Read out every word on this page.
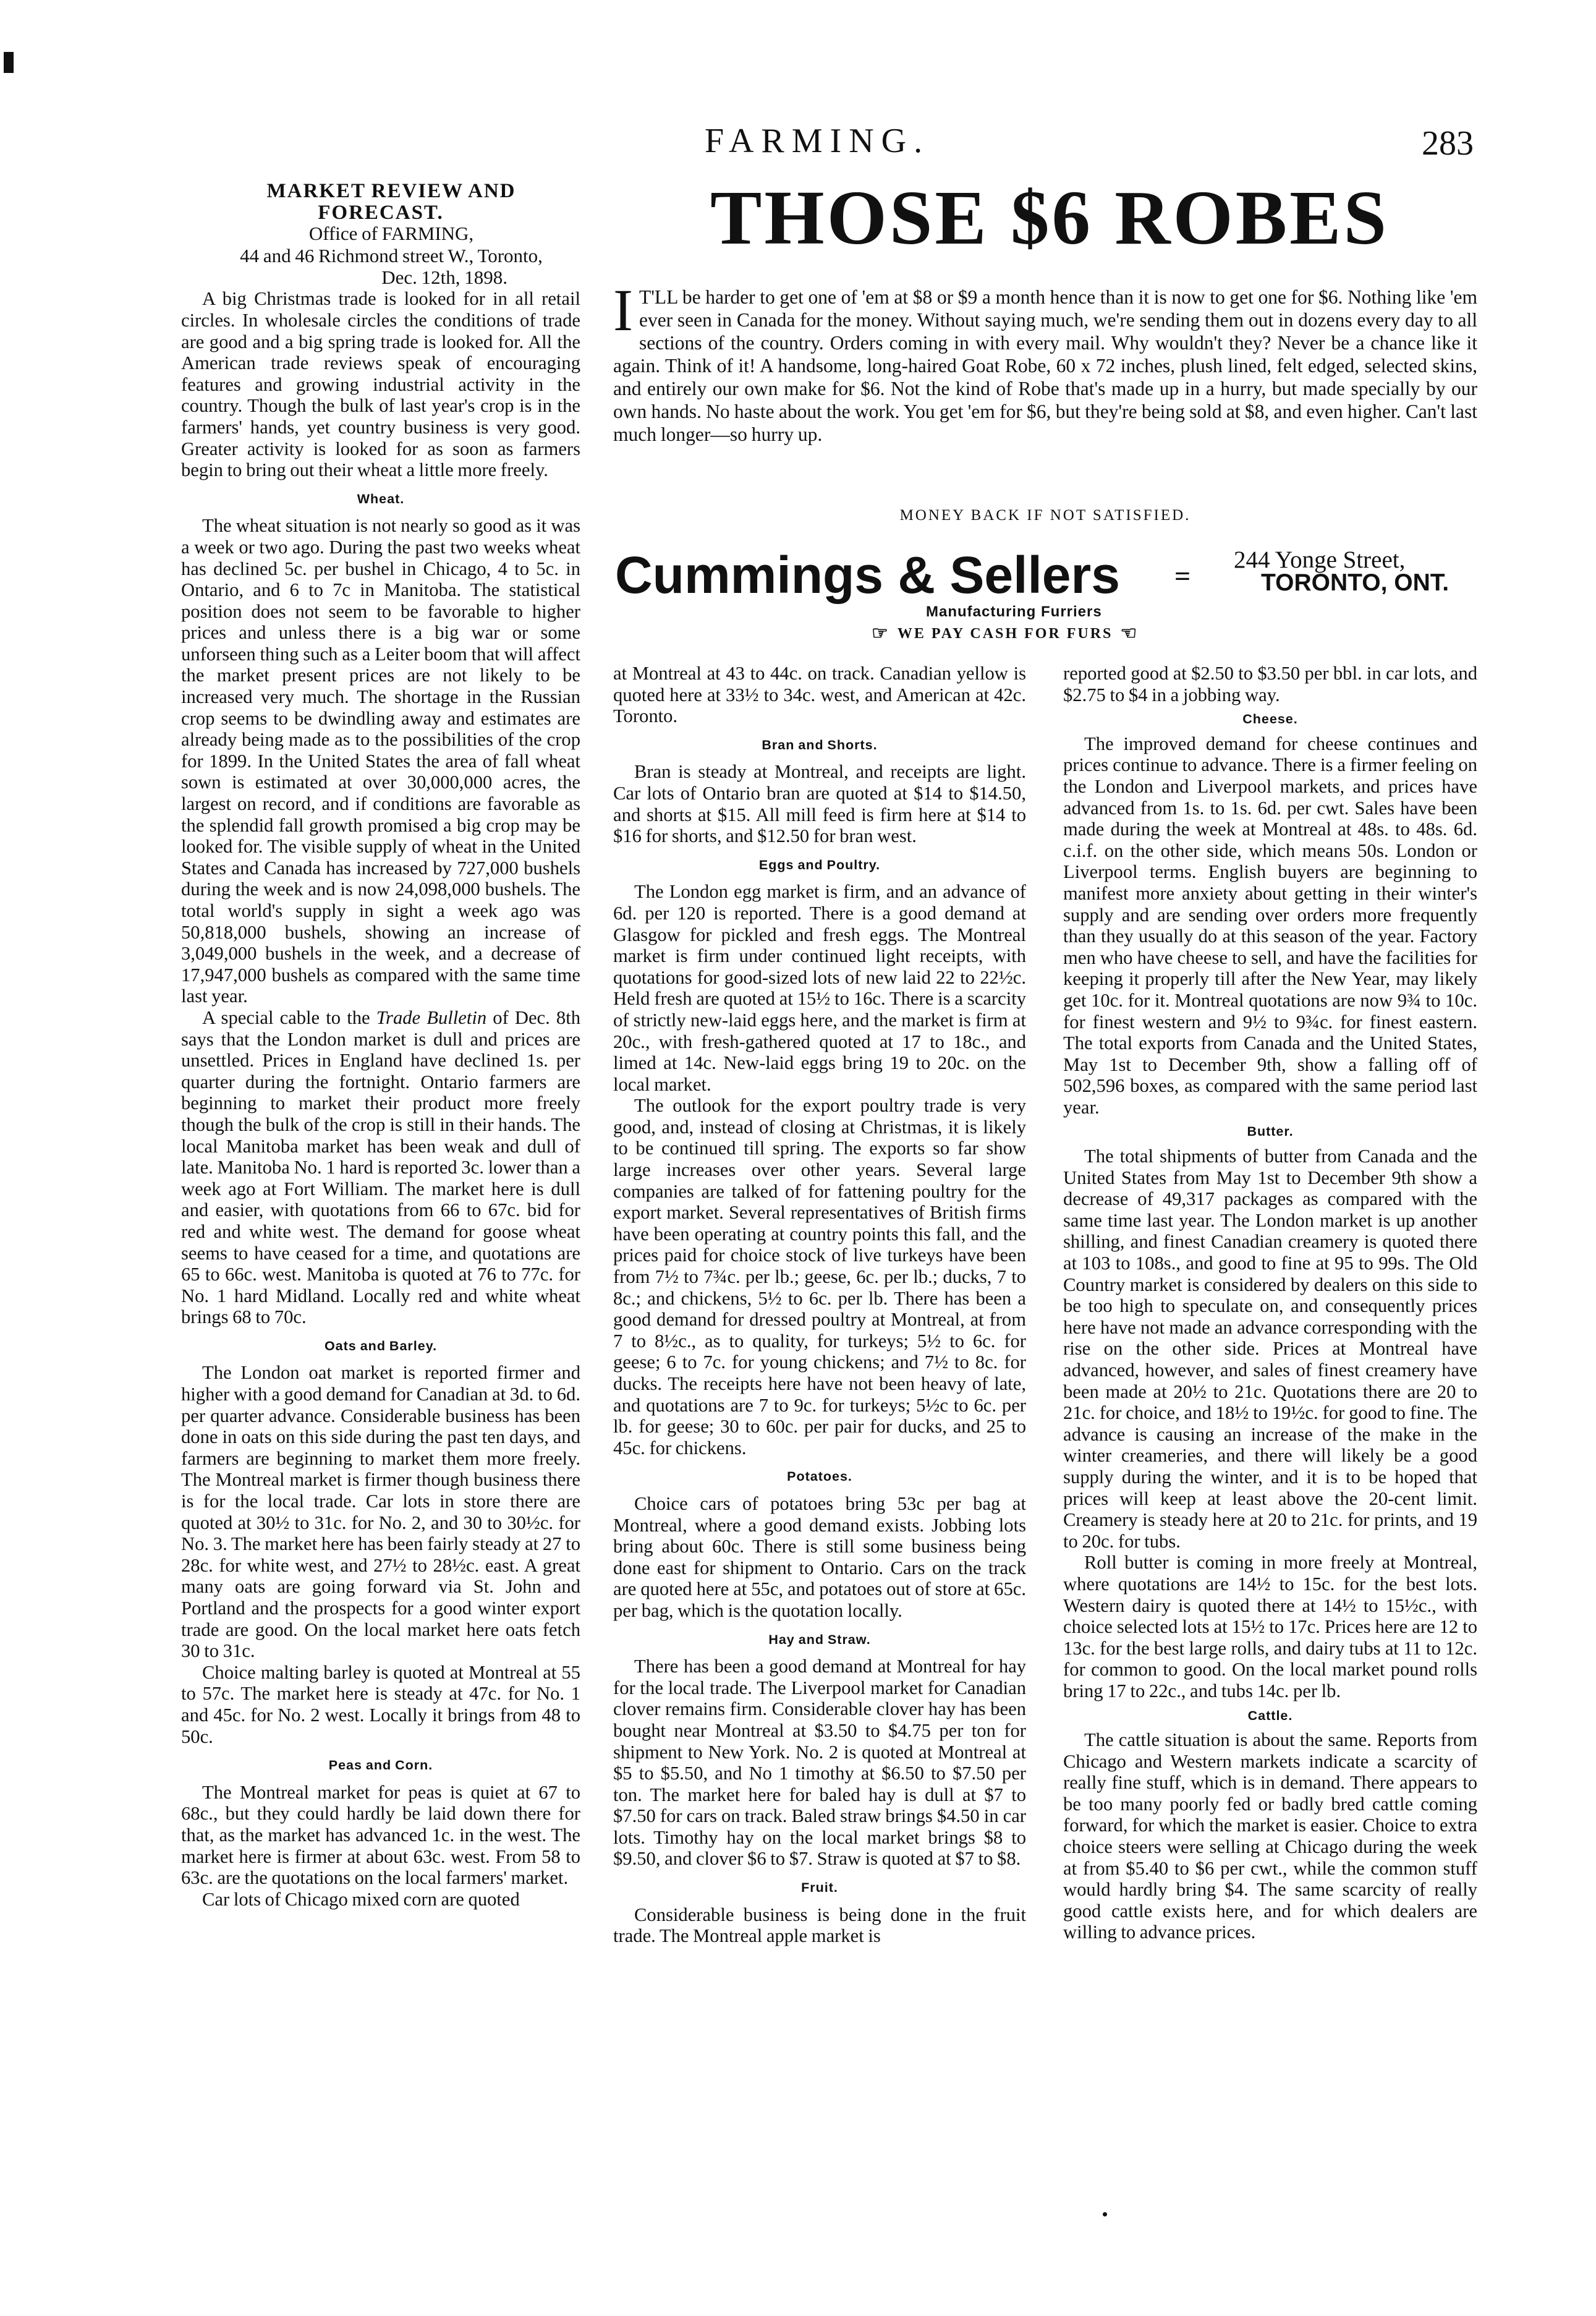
FARMING.	283

MARKET REVIEW AND FORECAST.

Office of FARMING,

44 and 46 Richmond street W., Toronto,

Dec. 12th, 1898.

A big Christmas trade is looked for in all retail circles. In wholesale circles the conditions of trade are good and a big spring trade is looked for. All the American trade reviews speak of encouraging features and growing industrial activity in the country. Though the bulk of last year's crop is in the farmers' hands, yet country business is very good. Greater activity is looked for as soon as farmers begin to bring out their wheat a little more freely.

Wheat.

The wheat situation is not nearly so good as it was a week or two ago. During the past two weeks wheat has declined 5c. per bushel in Chicago, 4 to 5c. in Ontario, and 6 to 7c in Manitoba. The statistical position does not seem to be favorable to higher prices and unless there is a big war or some unforseen thing such as a Leiter boom that will affect the market present prices are not likely to be increased very much. The shortage in the Russian crop seems to be dwindling away and estimates are already being made as to the possibilities of the crop for 1899. In the United States the area of fall wheat sown is estimated at over 30,000,000 acres, the largest on record, and if conditions are favorable as the splendid fall growth promised a big crop may be looked for. The visible supply of wheat in the United States and Canada has increased by 727,000 bushels during the week and is now 24,098,000 bushels. The total world's supply in sight a week ago was 50,818,000 bushels, showing an increase of 3,049,000 bushels in the week, and a decrease of 17,947,000 bushels as compared with the same time last year.

A special cable to the Trade Bulletin of Dec. 8th says that the London market is dull and prices are unsettled. Prices in England have declined 1s. per quarter during the fortnight. Ontario farmers are beginning to market their product more freely though the bulk of the crop is still in their hands. The local Manitoba market has been weak and dull of late. Manitoba No. 1 hard is reported 3c. lower than a week ago at Fort William. The market here is dull and easier, with quotations from 66 to 67c. bid for red and white west. The demand for goose wheat seems to have ceased for a time, and quotations are 65 to 66c. west. Manitoba is quoted at 76 to 77c. for No. 1 hard Midland. Locally red and white wheat brings 68 to 70c.

Oats and Barley.

The London oat market is reported firmer and higher with a good demand for Canadian at 3d. to 6d. per quarter advance. Considerable business has been done in oats on this side during the past ten days, and farmers are beginning to market them more freely. The Montreal market is firmer though business there is for the local trade. Car lots in store there are quoted at 30½ to 31c. for No. 2, and 30 to 30½c. for No. 3. The market here has been fairly steady at 27 to 28c. for white west, and 27½ to 28½c. east. A great many oats are going forward via St. John and Portland and the prospects for a good winter export trade are good. On the local market here oats fetch 30 to 31c.

Choice malting barley is quoted at Montreal at 55 to 57c. The market here is steady at 47c. for No. 1 and 45c. for No. 2 west. Locally it brings from 48 to 50c.

Peas and Corn.

The Montreal market for peas is quiet at 67 to 68c., but they could hardly be laid down there for that, as the market has advanced 1c. in the west. The market here is firmer at about 63c. west. From 58 to 63c. are the quotations on the local farmers' market.

Car lots of Chicago mixed corn are quoted

THOSE $6 ROBES
I T'LL be harder to get one of 'em at $8 or $9 a month hence than it is now to get one for $6. Nothing like 'em ever seen in Canada for the money. Without saying much, we're sending them out in dozens every day to all sections of the country. Orders coming in with every mail. Why wouldn't they? Never be a chance like it again. Think of it! A handsome, long-haired Goat Robe, 60 x 72 inches, plush lined, felt edged, selected skins, and entirely our own make for $6. Not the kind of Robe that's made up in a hurry, but made specially by our own hands. No haste about the work. You get 'em for $6, but they're being sold at $8, and even higher. Can't last much longer—so hurry up.
MONEY BACK IF NOT SATISFIED.
Cummings & Sellers =
244 Yonge Street,
TORONTO, ONT.
Manufacturing Furriers
☞ WE PAY CASH FOR FURS ☜

at Montreal at 43 to 44c. on track. Canadian yellow is quoted here at 33½ to 34c. west, and American at 42c. Toronto.

Bran and Shorts.

Bran is steady at Montreal, and receipts are light. Car lots of Ontario bran are quoted at $14 to $14.50, and shorts at $15. All mill feed is firm here at $14 to $16 for shorts, and $12.50 for bran west.

Eggs and Poultry.

The London egg market is firm, and an advance of 6d. per 120 is reported. There is a good demand at Glasgow for pickled and fresh eggs. The Montreal market is firm under continued light receipts, with quotations for good-sized lots of new laid 22 to 22½c. Held fresh are quoted at 15½ to 16c. There is a scarcity of strictly new-laid eggs here, and the market is firm at 20c., with fresh-gathered quoted at 17 to 18c., and limed at 14c. New-laid eggs bring 19 to 20c. on the local market.

The outlook for the export poultry trade is very good, and, instead of closing at Christmas, it is likely to be continued till spring. The exports so far show large increases over other years. Several large companies are talked of for fattening poultry for the export market. Several representatives of British firms have been operating at country points this fall, and the prices paid for choice stock of live turkeys have been from 7½ to 7¾c. per lb.; geese, 6c. per lb.; ducks, 7 to 8c.; and chickens, 5½ to 6c. per lb. There has been a good demand for dressed poultry at Montreal, at from 7 to 8½c., as to quality, for turkeys; 5½ to 6c. for geese; 6 to 7c. for young chickens; and 7½ to 8c. for ducks. The receipts here have not been heavy of late, and quotations are 7 to 9c. for turkeys; 5½c to 6c. per lb. for geese; 30 to 60c. per pair for ducks, and 25 to 45c. for chickens.

Potatoes.

Choice cars of potatoes bring 53c per bag at Montreal, where a good demand exists. Jobbing lots bring about 60c. There is still some business being done east for shipment to Ontario. Cars on the track are quoted here at 55c, and potatoes out of store at 65c. per bag, which is the quotation locally.

Hay and Straw.

There has been a good demand at Montreal for hay for the local trade. The Liverpool market for Canadian clover remains firm. Considerable clover hay has been bought near Montreal at $3.50 to $4.75 per ton for shipment to New York. No. 2 is quoted at Montreal at $5 to $5.50, and No 1 timothy at $6.50 to $7.50 per ton. The market here for baled hay is dull at $7 to $7.50 for cars on track. Baled straw brings $4.50 in car lots. Timothy hay on the local market brings $8 to $9.50, and clover $6 to $7. Straw is quoted at $7 to $8.

Fruit.

Considerable business is being done in the fruit trade. The Montreal apple market is

reported good at $2.50 to $3.50 per bbl. in car lots, and $2.75 to $4 in a jobbing way.

Cheese.

The improved demand for cheese continues and prices continue to advance. There is a firmer feeling on the London and Liverpool markets, and prices have advanced from 1s. to 1s. 6d. per cwt. Sales have been made during the week at Montreal at 48s. to 48s. 6d. c.i.f. on the other side, which means 50s. London or Liverpool terms. English buyers are beginning to manifest more anxiety about getting in their winter's supply and are sending over orders more frequently than they usually do at this season of the year. Factory men who have cheese to sell, and have the facilities for keeping it properly till after the New Year, may likely get 10c. for it. Montreal quotations are now 9¾ to 10c. for finest western and 9½ to 9¾c. for finest eastern. The total exports from Canada and the United States, May 1st to December 9th, show a falling off of 502,596 boxes, as compared with the same period last year.

Butter.

The total shipments of butter from Canada and the United States from May 1st to December 9th show a decrease of 49,317 packages as compared with the same time last year. The London market is up another shilling, and finest Canadian creamery is quoted there at 103 to 108s., and good to fine at 95 to 99s. The Old Country market is considered by dealers on this side to be too high to speculate on, and consequently prices here have not made an advance corresponding with the rise on the other side. Prices at Montreal have advanced, however, and sales of finest creamery have been made at 20½ to 21c. Quotations there are 20 to 21c. for choice, and 18½ to 19½c. for good to fine. The advance is causing an increase of the make in the winter creameries, and there will likely be a good supply during the winter, and it is to be hoped that prices will keep at least above the 20-cent limit. Creamery is steady here at 20 to 21c. for prints, and 19 to 20c. for tubs.

Roll butter is coming in more freely at Montreal, where quotations are 14½ to 15c. for the best lots. Western dairy is quoted there at 14½ to 15½c., with choice selected lots at 15½ to 17c. Prices here are 12 to 13c. for the best large rolls, and dairy tubs at 11 to 12c. for common to good. On the local market pound rolls bring 17 to 22c., and tubs 14c. per lb.

Cattle.

The cattle situation is about the same. Reports from Chicago and Western markets indicate a scarcity of really fine stuff, which is in demand. There appears to be too many poorly fed or badly bred cattle coming forward, for which the market is easier. Choice to extra choice steers were selling at Chicago during the week at from $5.40 to $6 per cwt., while the common stuff would hardly bring $4. The same scarcity of really good cattle exists here, and for which dealers are willing to advance prices.
